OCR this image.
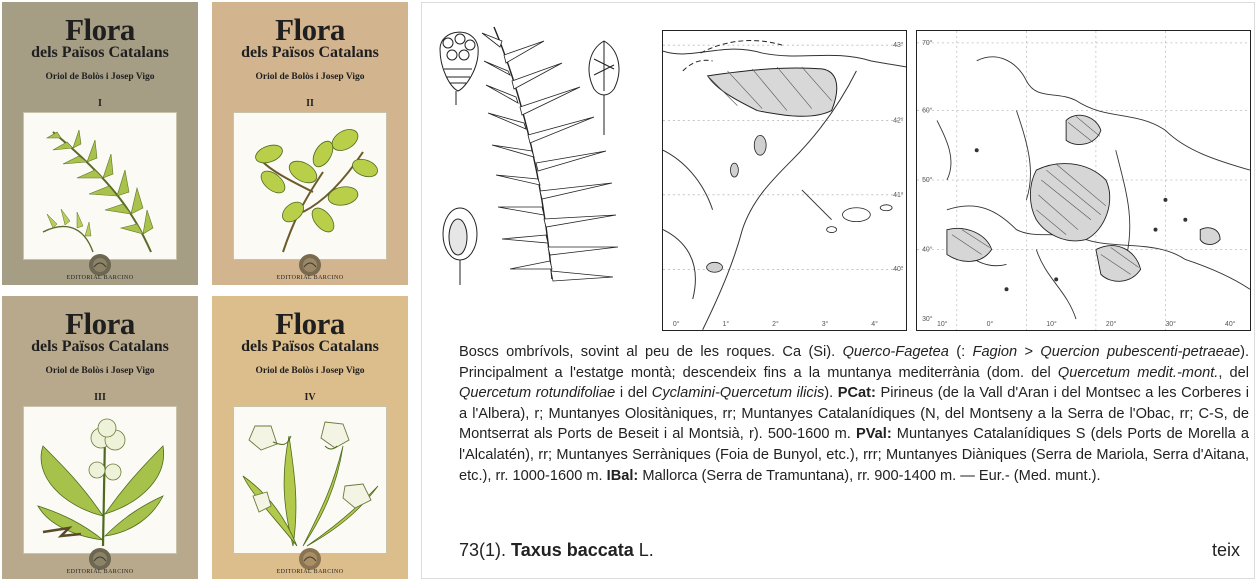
Flora
dels Països Catalans
Oriol de Bolòs i Josep Vigo
I
EDITORIAL BARCINO
Flora
dels Països Catalans
Oriol de Bolòs i Josep Vigo
II
EDITORIAL BARCINO
Flora
dels Països Catalans
Oriol de Bolòs i Josep Vigo
III
EDITORIAL BARCINO
Flora
dels Països Catalans
Oriol de Bolòs i Josep Vigo
IV
EDITORIAL BARCINO
43°
42°
41°
40°
0°	1°	2°	3°	4°
70°
60°
50°
40°
30°
10°	0°	10°	20°	30°	40°
Boscs ombrívols, sovint al peu de les roques. Ca (Si). Querco-Fagetea (: Fagion > Quercion pubescenti-petraeae). Principalment a l'estatge montà; descendeix fins a la muntanya mediterrània (dom. del Quercetum medit.-mont., del Quercetum rotundifoliae i del Cyclamini-Quercetum ilicis). PCat: Pirineus (de la Vall d'Aran i del Montsec a les Corberes i a l'Albera), r; Muntanyes Olositàniques, rr; Muntanyes Catalanídiques (N, del Montseny a la Serra de l'Obac, rr; C-S, de Montserrat als Ports de Beseit i al Montsià, r). 500-1600 m. PVal: Muntanyes Catalanídiques S (dels Ports de Morella a l'Alcalatén), rr; Muntanyes Serràniques (Foia de Bunyol, etc.), rrr; Muntanyes Diàniques (Serra de Mariola, Serra d'Aitana, etc.), rr. 1000-1600 m. IBal: Mallorca (Serra de Tramuntana), rr. 900-1400 m. — Eur.- (Med. munt.).
73(1). Taxus baccata L.	teix
